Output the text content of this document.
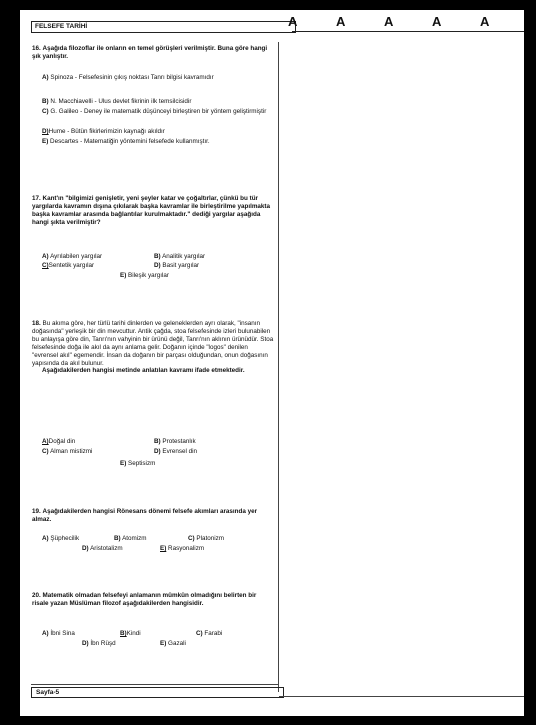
FELSEFE TARİHİ	A	A	A	A	A
16. Aşağıda filozoflar ile onların en temel görüşleri verilmiştir. Buna göre hangi şık yanlıştır.
A) Spinoza - Felsefesinin çıkış noktası Tanrı bilgisi kavramıdır
B) N. Macchiavelli - Ulus devlet fikrinin ilk temsilcisidir
C) G. Galileo - Deney ile matematik düşünceyi birleştiren bir yöntem geliştirmiştir
D)Hume - Bütün fikirlerimizin kaynağı akıldır
E) Descartes - Matematiğin yöntemini felsefede kullanmıştır.
17. Kant'ın "bilgimizi genişletir, yeni şeyler katar ve çoğaltırlar, çünkü bu tür yargılarda kavramın dışına çıkılarak başka kavramlar ile birleştirilme yapılmakta başka kavramlar arasında bağlantılar kurulmaktadır." dediği yargılar aşağıda hangi şıkta verilmiştir?
A) Ayrılabilen yargılar	B) Analitik yargılar
C)Sentetik yargılar	D) Basit yargılar
E) Bileşik yargılar
18. Bu akıma göre, her türlü tarihi dinlerden ve geleneklerden ayrı olarak, "insanın doğasında" yerleşik bir din mevcuttur. Antik çağda, stoa felsefesinde izleri bulunabilen bu anlayışa göre din, Tanrı'nın vahyinin bir ürünü değil, Tanrı'nın aklının ürünüdür. Stoa felsefesinde doğa ile akıl da aynı anlama gelir. Doğanın içinde "logos" denilen "evrensel akıl" egemendir. İnsan da doğanın bir parçası olduğundan, onun doğasının yapısında da akıl bulunur.
Aşağıdakilerden hangisi metinde anlatılan kavramı ifade etmektedir.
A)Doğal din	B) Protestanlık
C) Alman mistizmi	D) Evrensel din
E) Septisizm
19. Aşağıdakilerden hangisi Rönesans dönemi felsefe akımları arasında yer almaz.
A) Şüphecilik	B) Atomizm	C) Platonizm
D) Aristotalizm	E) Rasyonalizm
20. Matematik olmadan felsefeyi anlamanın mümkün olmadığını belirten bir risale yazan Müslüman filozof aşağıdakilerden hangisidir.
A) İbni Sina	B)Kindi	C) Farabi
D) İbn Rüşd	E) Gazali
Sayfa-5
